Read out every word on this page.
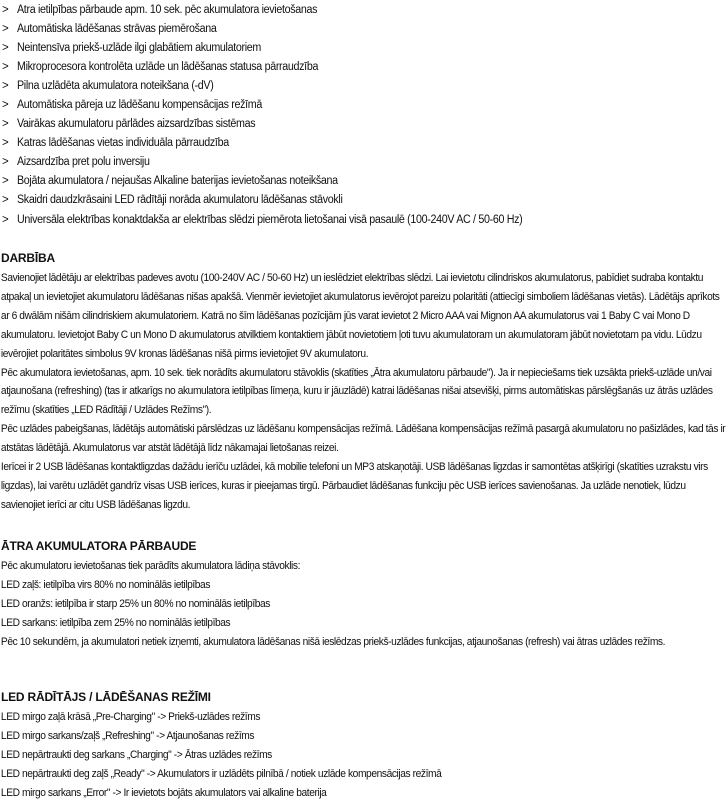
> Ātra ietilpības pārbaude apm. 10 sek. pēc akumulatora ievietošanas
> Automātiska lādēšanas strāvas piemērošana
> Neintensīva priekš-uzlāde ilgi glabātiem akumulatoriem
> Mikroprocesora kontrolēta uzlāde un lādēšanas statusa pārraudzība
> Pilna uzlādēta akumulatora noteikšana (-dV)
> Automātiska pāreja uz lādēšanu kompensācijas režīmā
> Vairākas akumulatoru pārlādes aizsardzības sistēmas
> Katras lādēšanas vietas individuāla pārraudzība
> Aizsardzība pret polu inversiju
> Bojāta akumulatora / nejaušas Alkaline baterijas ievietošanas noteikšana
> Skaidri daudzkrāsaini LED rādītāji norāda akumulatoru lādēšanas stāvokli
> Universāla elektrības konaktdakša ar elektrības slēdzi piemērota lietošanai visā pasaulē (100-240V AC / 50-60 Hz)
DARBĪBA

Savienojiet lādētāju ar elektrības padeves avotu (100-240V AC / 50-60 Hz) un ieslēdziet elektrības slēdzi. Lai ievietotu cilindriskos akumulatorus, pabīdiet sudraba kontaktu atpakaļ un ievietojiet akumulatoru lādēšanas nišas apakšā. Vienmēr ievietojiet akumulatorus ievērojot pareizu polaritāti (attiecīgi simboliem lādēšanas vietās). Lādētājs aprīkots ar 6 dwālām nišām cilindriskiem akumulatoriem. Katrā no šīm lādēšanas pozīcijām jūs varat ievietot 2 Micro AAA vai Mignon AA akumulatorus vai 1 Baby C vai Mono D akumulatoru. Ievietojot Baby C un Mono D akumulatorus atvilktiem kontaktiem jābūt novietotiem ļoti tuvu akumulatoram un akumulatoram jābūt novietotam pa vidu. Lūdzu ievērojiet polaritātes simbolus 9V kronas lādēšanas nišā pirms ievietojiet 9V akumulatoru.

Pēc akumulatora ievietošanas, apm. 10 sek. tiek norādīts akumulatoru stāvoklis (skatīties „Ātra akumulatoru pārbaude"). Ja ir nepieciešams tiek uzsākta priekš-uzlāde un/vai atjaunošana (refreshing) (tas ir atkarīgs no akumulatora ietilpības līmeņa, kuru ir jāuzlādē) katrai lādēšanas nišai atsevišķi, pirms automātiskas pārslēgšanās uz ātrās uzlādes režīmu (skatīties „LED Rādītāji / Uzlādes Režīms").

Pēc uzlādes pabeigšanas, lādētājs automātiski pārslēdzas uz lādēšanu kompensācijas režīmā. Lādēšana kompensācijas režīmā pasargā akumulatoru no pašizlādes, kad tās ir atstātas lādētājā. Akumulatorus var atstāt lādētājā līdz nākamajai lietošanas reizei.

Ierīcei ir 2 USB lādēšanas kontaktligzdas dažādu ierīču uzlādei, kā mobilie telefoni un MP3 atskaņotāji. USB lādēšanas ligzdas ir samontētas atšķirīgi (skatīties uzrakstu virs ligzdas), lai varētu uzlādēt gandrīz visas USB ierīces, kuras ir pieejamas tirgū. Pārbaudiet lādēšanas funkciju pēc USB ierīces savienošanas. Ja uzlāde nenotiek, lūdzu savienojiet ierīci ar citu USB lādēšanas ligzdu.

ĀTRA AKUMULATORA PĀRBAUDE
Pēc akumulatoru ievietošanas tiek parādīts akumulatora lādiņa stāvoklis:
LED zaļš: ietilpība virs 80% no nominālās ietilpības
LED oranžs: ietilpība ir starp 25% un 80% no nominālās ietilpības
LED sarkans: ietilpība zem 25% no nominālās ietilpības

Pēc 10 sekundēm, ja akumulatori netiek izņemti, akumulatora lādēšanas nišā ieslēdzas priekš-uzlādes funkcijas, atjaunošanas (refresh) vai ātras uzlādes režīms.

LED RĀDĪTĀJS / LĀDĒŠANAS REŽĪMI
LED mirgo zaļā krāsā „Pre-Charging" -> Priekš-uzlādes režīms
LED mirgo sarkans/zaļš „Refreshing" -> Atjaunošanas režīms
LED nepārtraukti deg sarkans „Charging" -> Ātras uzlādes režīms
LED nepārtraukti deg zaļš „Ready" -> Akumulators ir uzlādēts pilnībā / notiek uzlāde kompensācijas režīmā
LED mirgo sarkans „Error" -> Ir ievietots bojāts akumulators vai alkaline baterija
